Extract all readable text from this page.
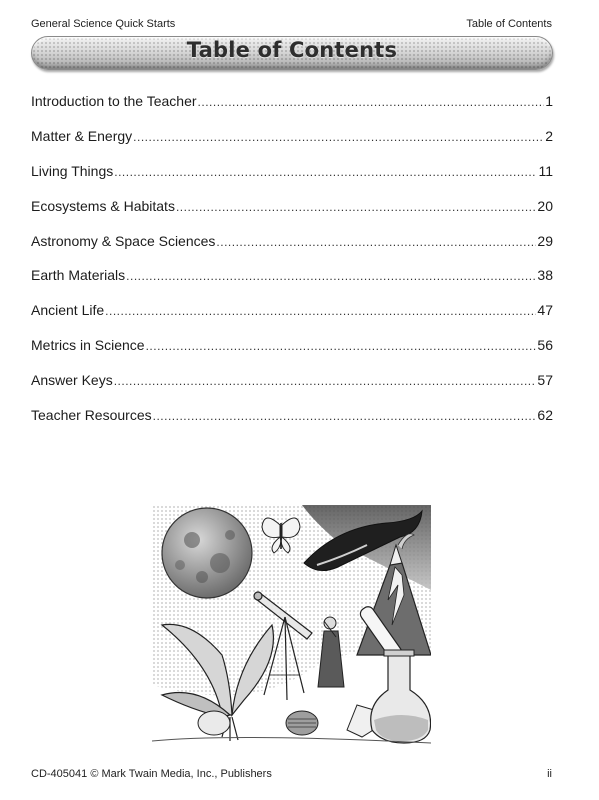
General Science Quick Starts	Table of Contents
Table of Contents
Introduction to the Teacher .....	1
Matter & Energy .....	2
Living Things .....	11
Ecosystems & Habitats .....	20
Astronomy & Space Sciences .....	29
Earth Materials .....	38
Ancient Life .....	47
Metrics in Science .....	56
Answer Keys .....	57
Teacher Resources .....	62
CD-405041 © Mark Twain Media, Inc., Publishers	ii
